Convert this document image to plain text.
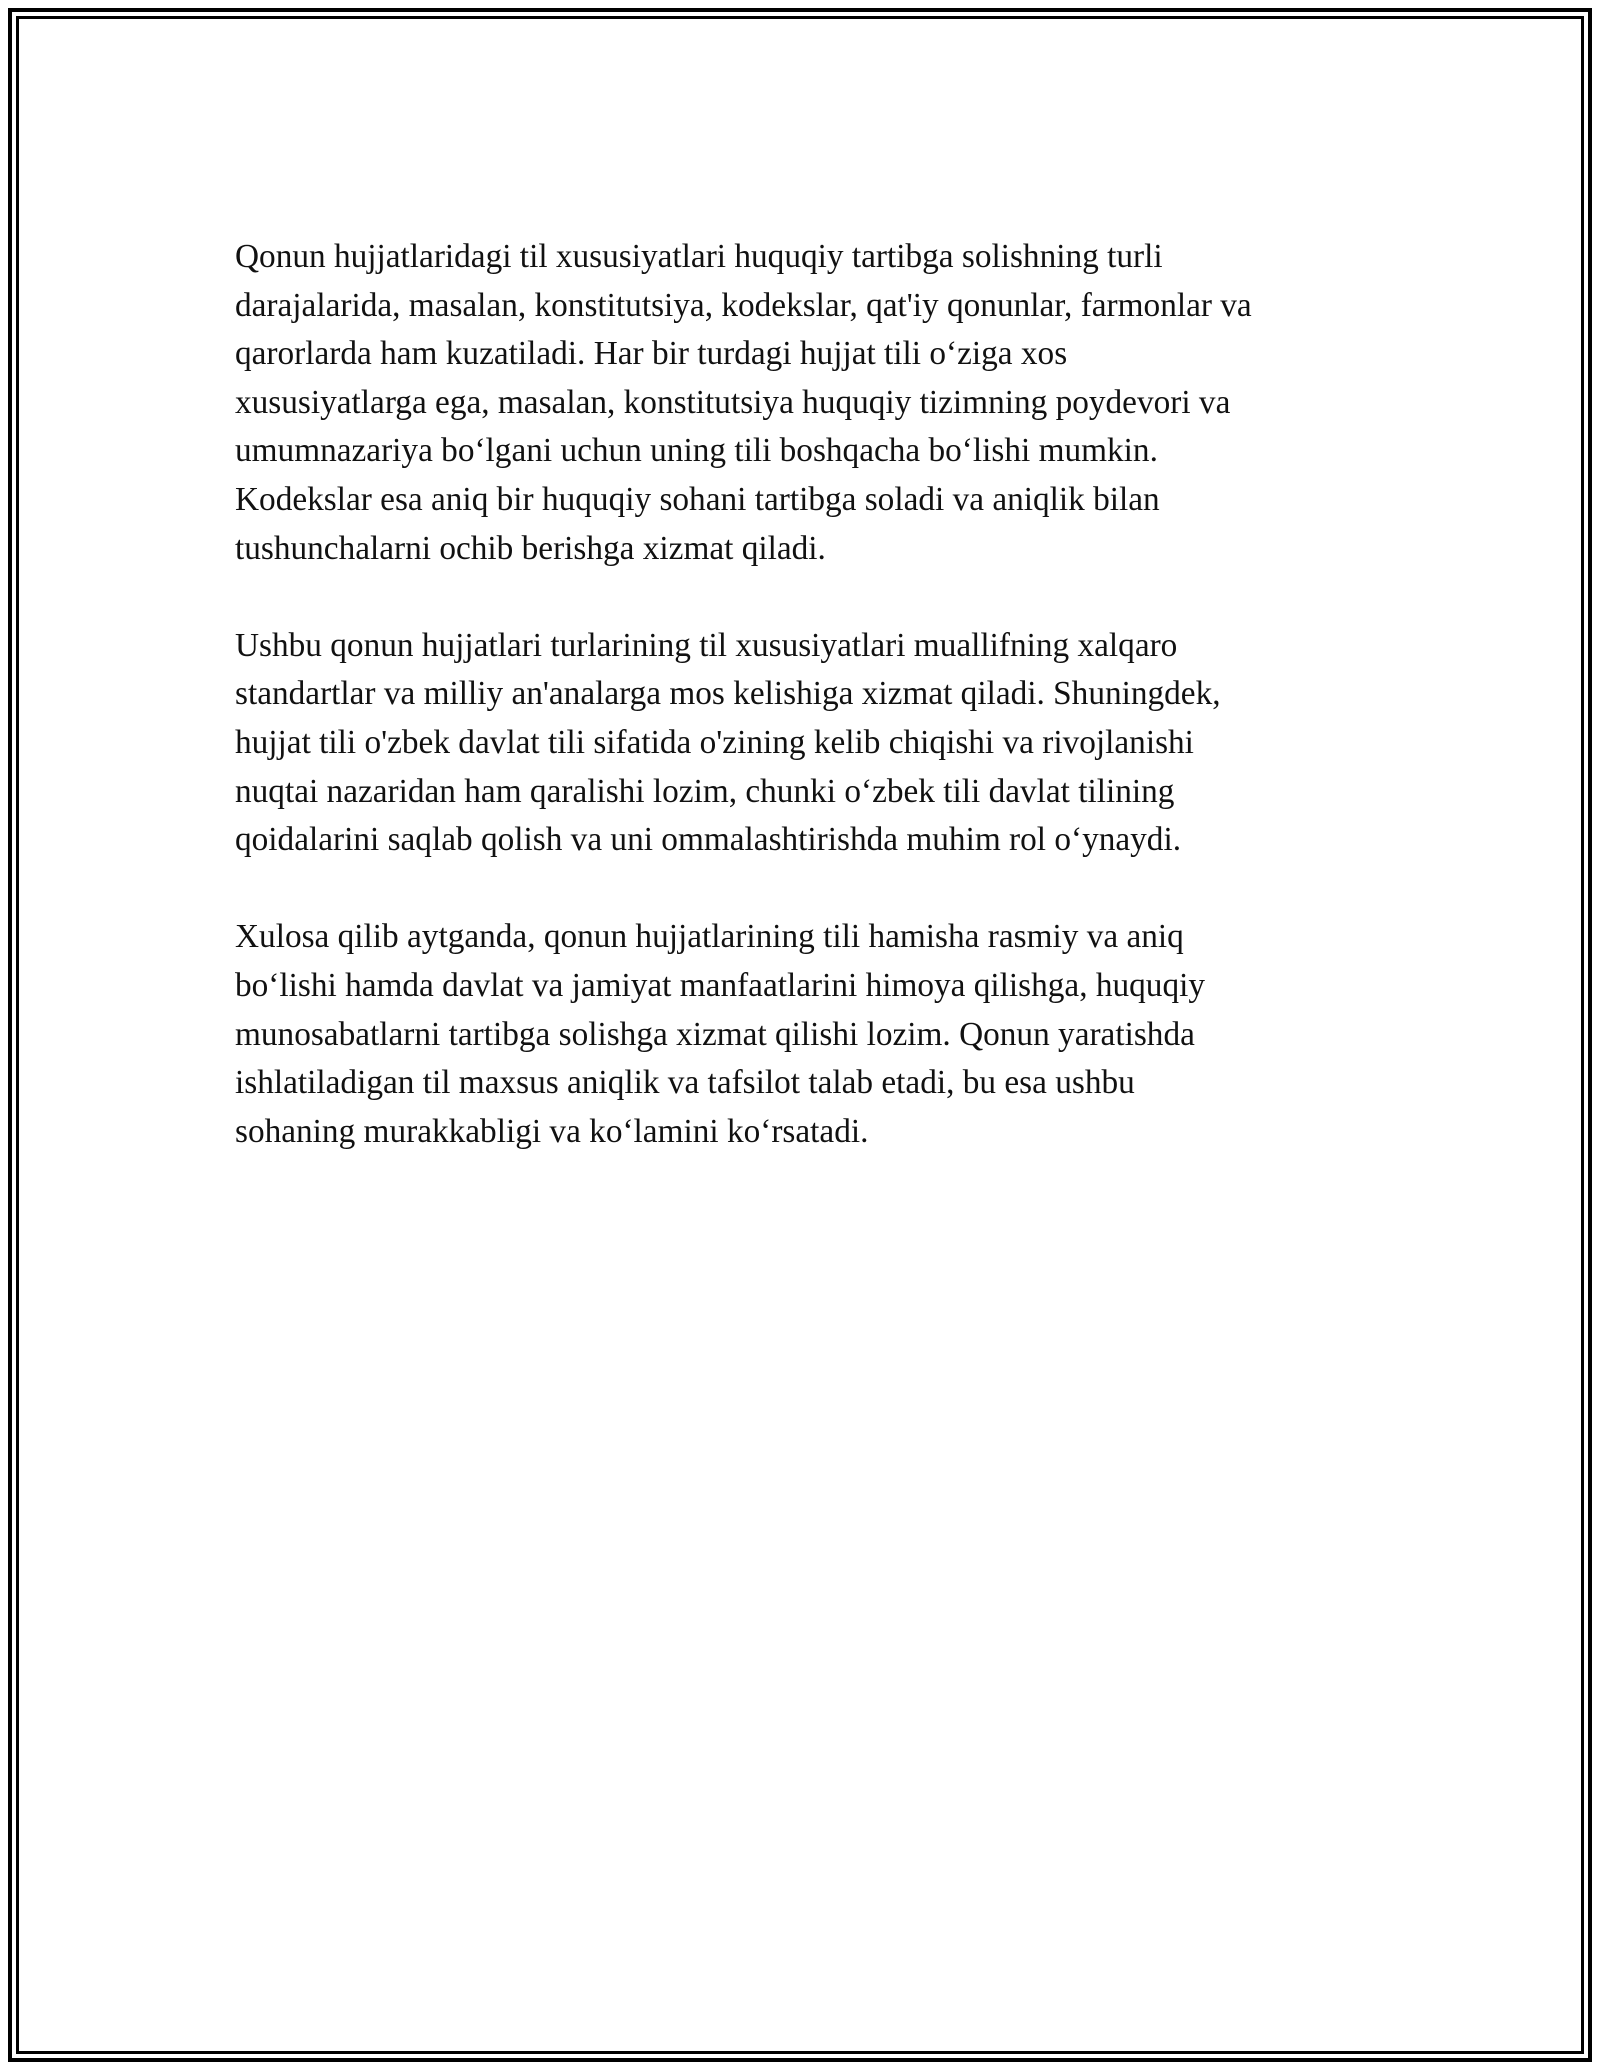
Qonun hujjatlaridagi til xususiyatlari huquqiy tartibga solishning turli
darajalarida, masalan, konstitutsiya, kodekslar, qat'iy qonunlar, farmonlar va
qarorlarda ham kuzatiladi. Har bir turdagi hujjat tili o‘ziga xos
xususiyatlarga ega, masalan, konstitutsiya huquqiy tizimning poydevori va
umumnazariya bo‘lgani uchun uning tili boshqacha bo‘lishi mumkin.
Kodekslar esa aniq bir huquqiy sohani tartibga soladi va aniqlik bilan
tushunchalarni ochib berishga xizmat qiladi.

Ushbu qonun hujjatlari turlarining til xususiyatlari muallifning xalqaro
standartlar va milliy an'analarga mos kelishiga xizmat qiladi. Shuningdek,
hujjat tili o'zbek davlat tili sifatida o'zining kelib chiqishi va rivojlanishi
nuqtai nazaridan ham qaralishi lozim, chunki o‘zbek tili davlat tilining
qoidalarini saqlab qolish va uni ommalashtirishda muhim rol o‘ynaydi.

Xulosa qilib aytganda, qonun hujjatlarining tili hamisha rasmiy va aniq
bo‘lishi hamda davlat va jamiyat manfaatlarini himoya qilishga, huquqiy
munosabatlarni tartibga solishga xizmat qilishi lozim. Qonun yaratishda
ishlatiladigan til maxsus aniqlik va tafsilot talab etadi, bu esa ushbu
sohaning murakkabligi va ko‘lamini ko‘rsatadi.
